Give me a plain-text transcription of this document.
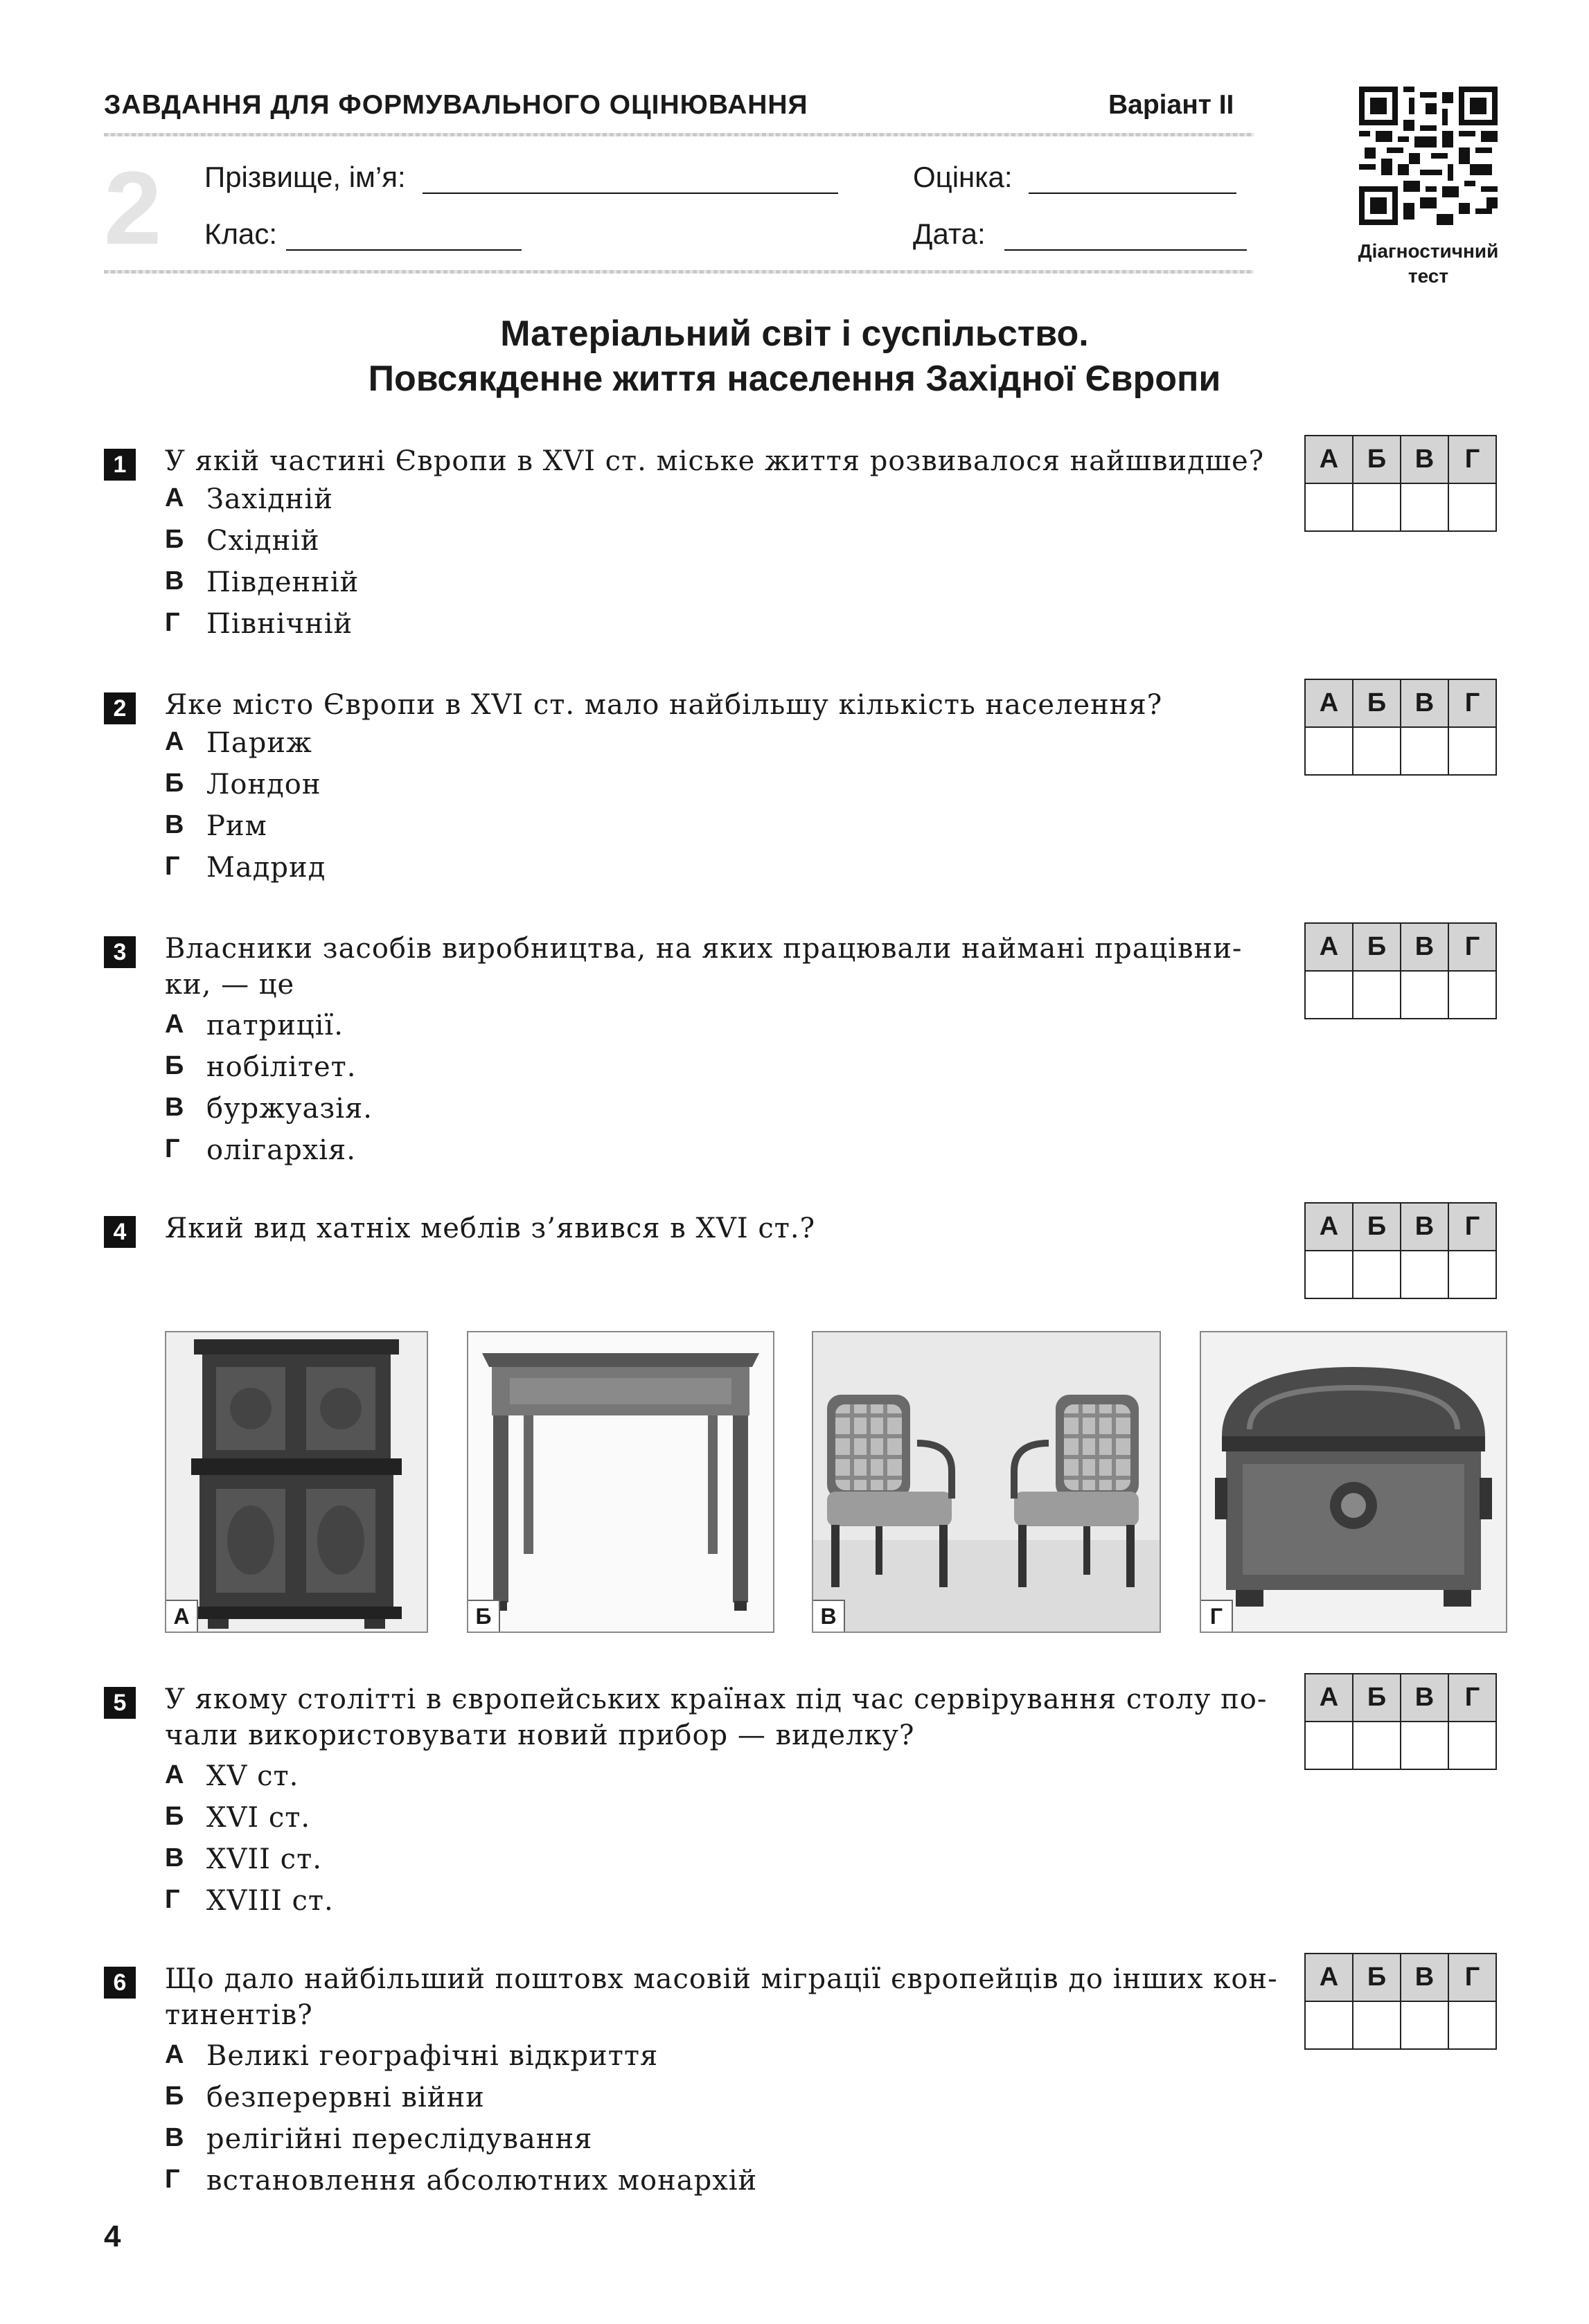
ЗАВДАННЯ ДЛЯ ФОРМУВАЛЬНОГО ОЦІНЮВАННЯ	Варіант II
2 Прізвище, ім’я:	Оцінка:
Клас:	Дата:
Діагностичний
тест
Матеріальний світ і суспільство.
Повсякденне життя населення Західної Європи
1	У якій частині Європи в XVI ст. міське життя розвивалося найшвидше?
А Західній
Б Східній
В Південній
Г Північній
А	Б	В	Г

2	Яке місто Європи в XVI ст. мало найбільшу кількість населення?
А Париж
Б Лондон
В Рим
Г Мадрид
А	Б	В	Г

3	Власники засобів виробництва, на яких працювали наймані працівни-
ки, — це
А патриції.
Б нобілітет.
В буржуазія.
Г олігархія.
А	Б	В	Г

4	Який вид хатніх меблів з’явився в XVI ст.?	А	Б	В	Г

А	Б	В	Г
5	У якому столітті в європейських країнах під час сервірування столу по-
чали використовувати новий прибор — виделку?
А XV ст.
Б XVI ст.
В XVII ст.
Г XVIII ст.
А	Б	В	Г

6	Що дало найбільший поштовх масовій міграції європейців до інших кон-
тинентів?
А Великі географічні відкриття
Б безперервні війни
В релігійні переслідування
Г встановлення абсолютних монархій
А	Б	В	Г

4
